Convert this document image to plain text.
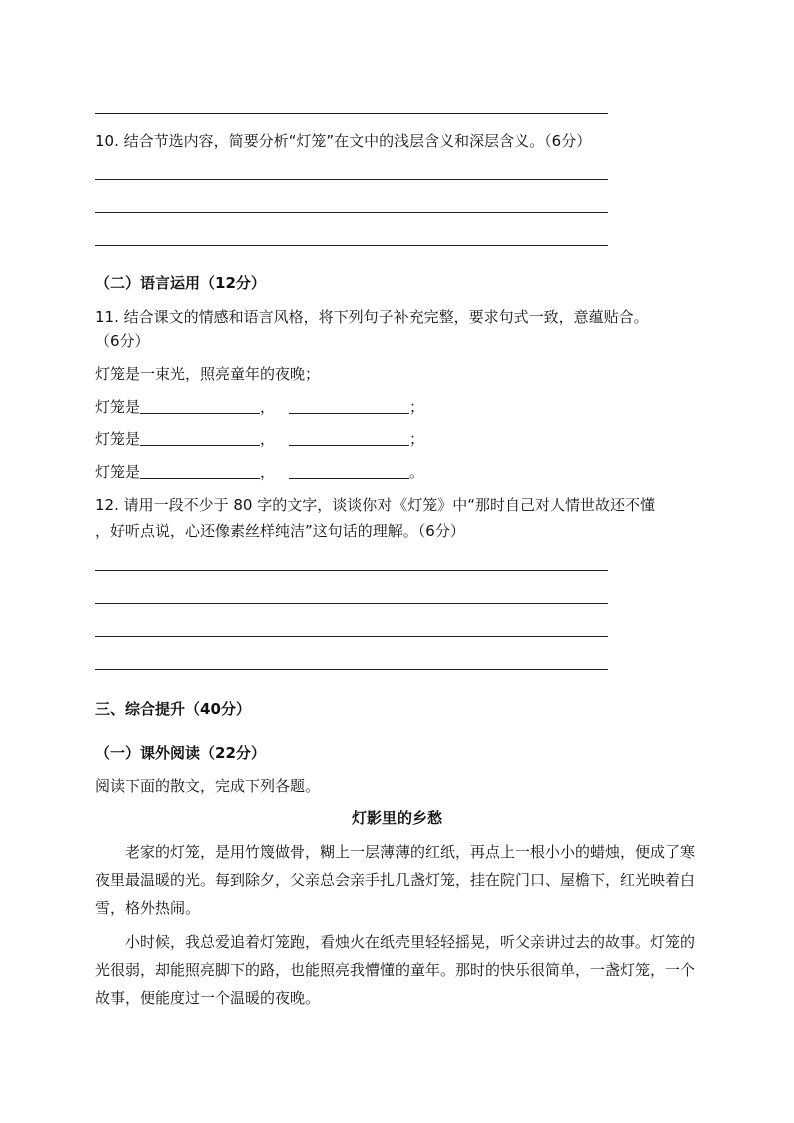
10. 结合节选内容，简要分析“灯笼”在文中的浅层含义和深层含义。（6分）
（二）语言运用（12分）
11. 结合课文的情感和语言风格，将下列句子补充完整，要求句式一致，意蕴贴合。
（6分）
灯笼是一束光，照亮童年的夜晚；
灯笼是	，	；
灯笼是	，	；
灯笼是	，	。
12. 请用一段不少于 80 字的文字，谈谈你对《灯笼》中“那时自己对人情世故还不懂
，好听点说，心还像素丝样纯洁”这句话的理解。（6分）
三、综合提升（40分）
（一）课外阅读（22分）
阅读下面的散文，完成下列各题。
灯影里的乡愁

老家的灯笼，是用竹篾做骨，糊上一层薄薄的红纸，再点上一根小小的蜡烛，便成了寒夜里最温暖的光。每到除夕，父亲总会亲手扎几盏灯笼，挂在院门口、屋檐下，红光映着白雪，格外热闹。

小时候，我总爱追着灯笼跑，看烛火在纸壳里轻轻摇晃，听父亲讲过去的故事。灯笼的光很弱，却能照亮脚下的路，也能照亮我懵懂的童年。那时的快乐很简单，一盏灯笼，一个故事，便能度过一个温暖的夜晚。
